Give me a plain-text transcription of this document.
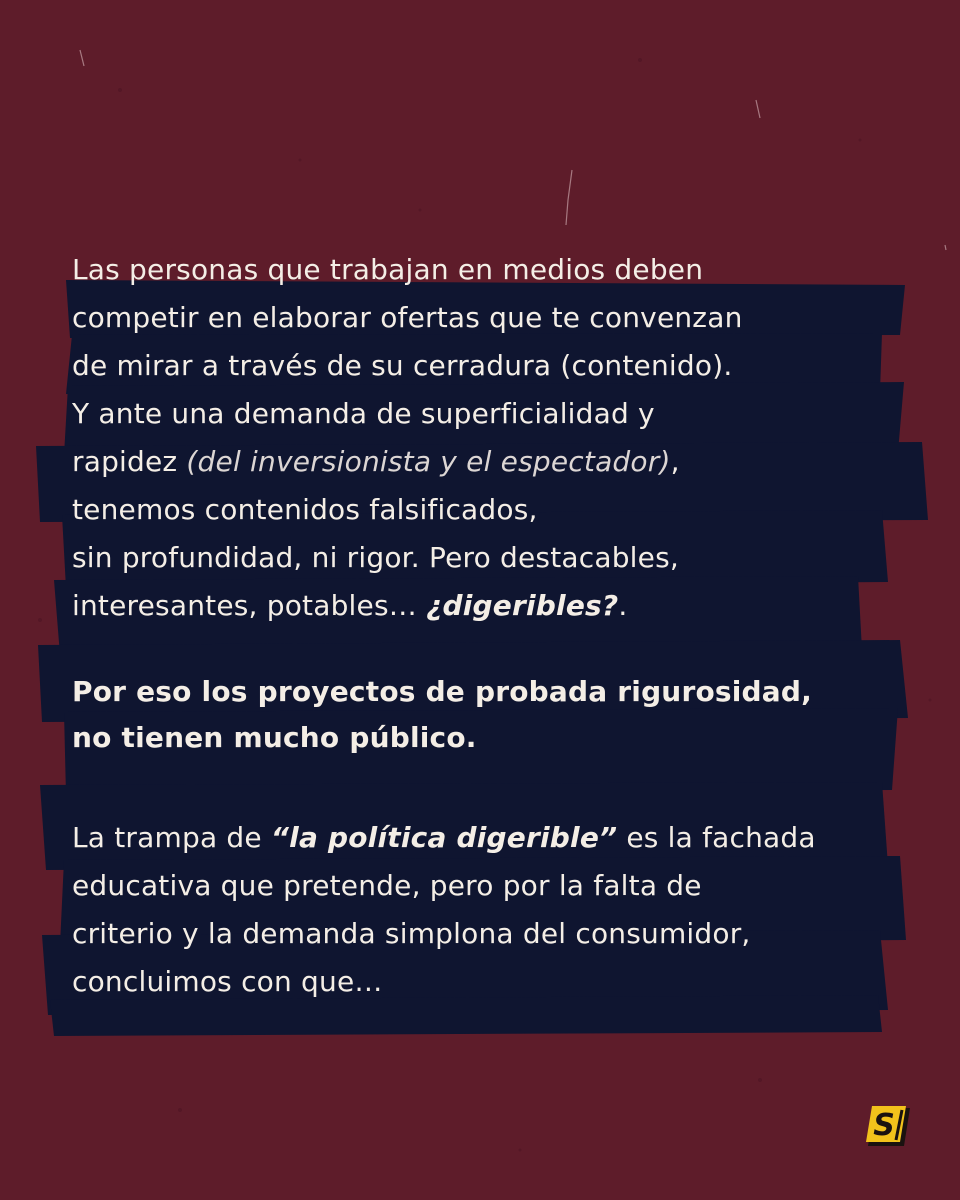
Las personas que trabajan en medios deben
competir en elaborar ofertas que te convenzan
de mirar a través de su cerradura (contenido).
Y ante una demanda de superficialidad y
rapidez (del inversionista y el espectador),
tenemos contenidos falsificados,
sin profundidad, ni rigor. Pero destacables,
interesantes, potables… ¿digeribles?.
Por eso los proyectos de probada rigurosidad,
no tienen mucho público.
La trampa de “la política digerible” es la fachada
educativa que pretende, pero por la falta de
criterio y la demanda simplona del consumidor,
concluimos con que…
S
